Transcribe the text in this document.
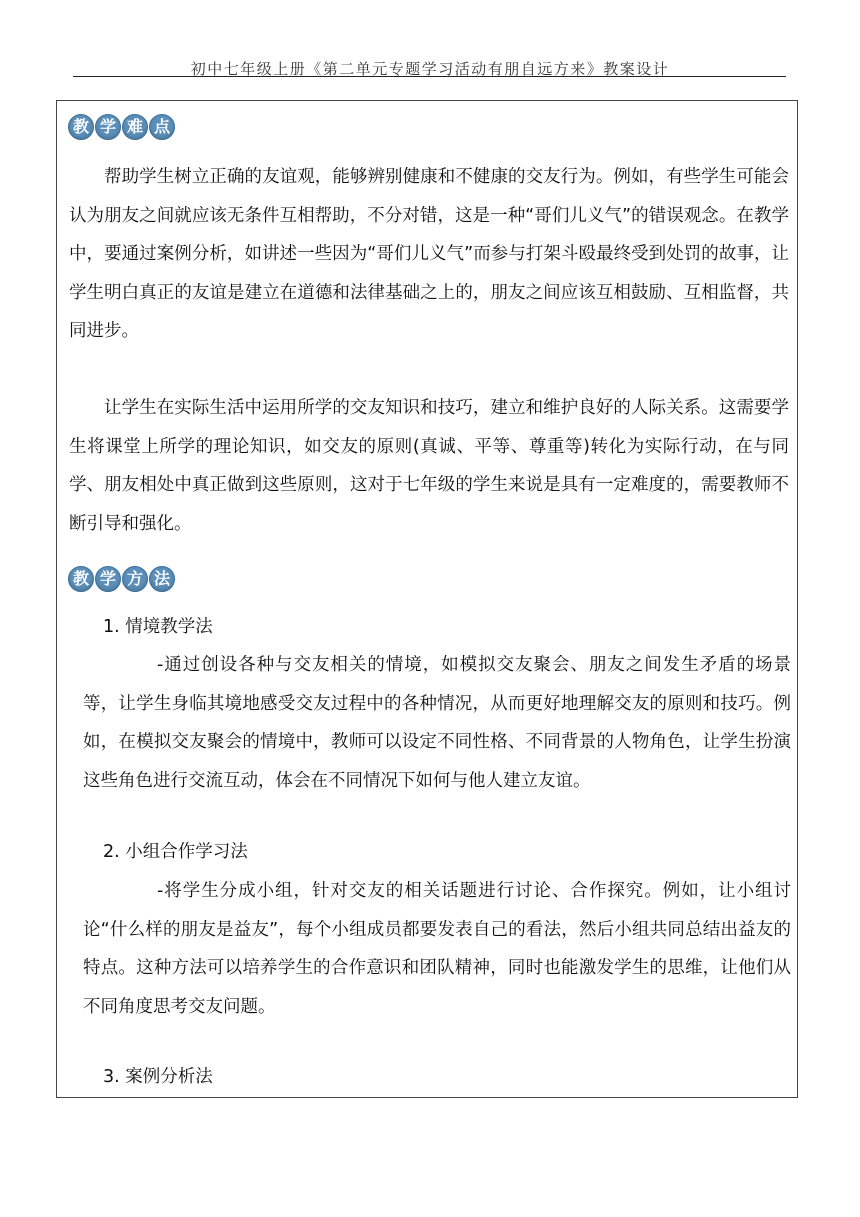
初中七年级上册《第二单元专题学习活动有朋自远方来》教案设计
教 学 难 点

帮助学生树立正确的友谊观，能够辨别健康和不健康的交友行为。例如，有些学生可能会认为朋友之间就应该无条件互相帮助，不分对错，这是一种“哥们儿义气”的错误观念。在教学中，要通过案例分析，如讲述一些因为“哥们儿义气”而参与打架斗殴最终受到处罚的故事，让学生明白真正的友谊是建立在道德和法律基础之上的，朋友之间应该互相鼓励、互相监督，共同进步。

让学生在实际生活中运用所学的交友知识和技巧，建立和维护良好的人际关系。这需要学生将课堂上所学的理论知识，如交友的原则(真诚、平等、尊重等)转化为实际行动，在与同学、朋友相处中真正做到这些原则，这对于七年级的学生来说是具有一定难度的，需要教师不断引导和强化。

教 学 方 法
1. 情境教学法

-通过创设各种与交友相关的情境，如模拟交友聚会、朋友之间发生矛盾的场景等，让学生身临其境地感受交友过程中的各种情况，从而更好地理解交友的原则和技巧。例如，在模拟交友聚会的情境中，教师可以设定不同性格、不同背景的人物角色，让学生扮演这些角色进行交流互动，体会在不同情况下如何与他人建立友谊。

2. 小组合作学习法

-将学生分成小组，针对交友的相关话题进行讨论、合作探究。例如，让小组讨论“什么样的朋友是益友”，每个小组成员都要发表自己的看法，然后小组共同总结出益友的特点。这种方法可以培养学生的合作意识和团队精神，同时也能激发学生的思维，让他们从不同角度思考交友问题。

3. 案例分析法
